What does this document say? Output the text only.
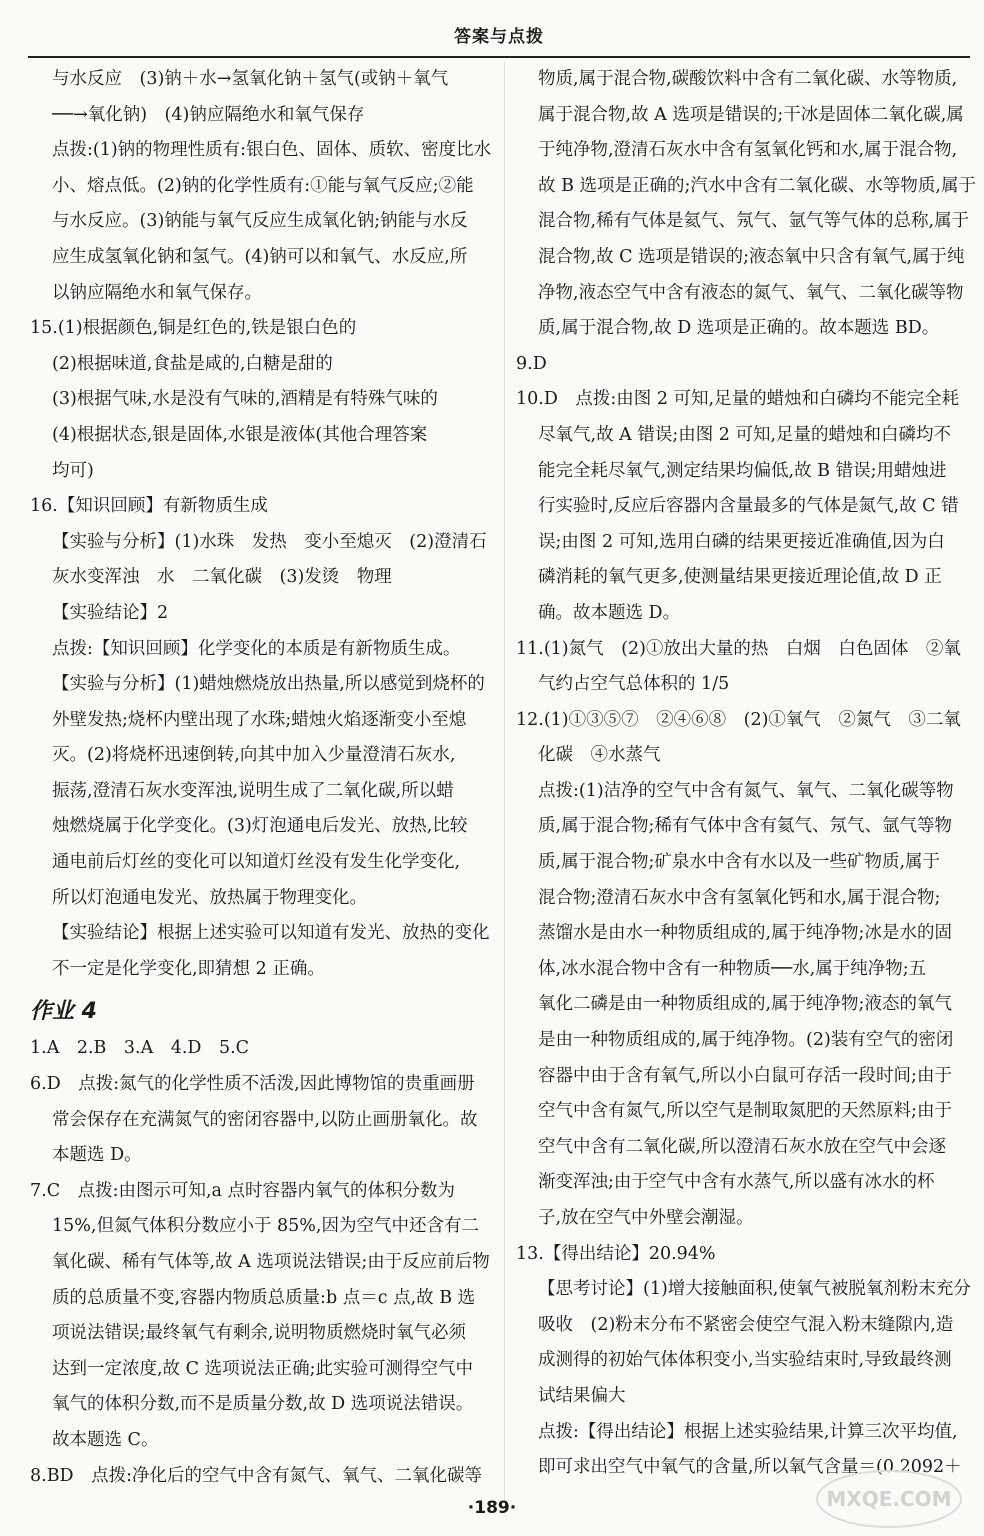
答案与点拨
与水反应　(3)钠＋水→氢氧化钠＋氢气(或钠＋氧气
──→氧化钠)　(4)钠应隔绝水和氧气保存
点拨:(1)钠的物理性质有:银白色、固体、质软、密度比水
小、熔点低。(2)钠的化学性质有:①能与氧气反应;②能
与水反应。(3)钠能与氧气反应生成氧化钠;钠能与水反
应生成氢氧化钠和氢气。(4)钠可以和氧气、水反应,所
以钠应隔绝水和氧气保存。
15.(1)根据颜色,铜是红色的,铁是银白色的
(2)根据味道,食盐是咸的,白糖是甜的
(3)根据气味,水是没有气味的,酒精是有特殊气味的
(4)根据状态,银是固体,水银是液体(其他合理答案
均可)
16.【知识回顾】有新物质生成
【实验与分析】(1)水珠　发热　变小至熄灭　(2)澄清石
灰水变浑浊　水　二氧化碳　(3)发烫　物理
【实验结论】2
点拨:【知识回顾】化学变化的本质是有新物质生成。
【实验与分析】(1)蜡烛燃烧放出热量,所以感觉到烧杯的
外壁发热;烧杯内壁出现了水珠;蜡烛火焰逐渐变小至熄
灭。(2)将烧杯迅速倒转,向其中加入少量澄清石灰水,
振荡,澄清石灰水变浑浊,说明生成了二氧化碳,所以蜡
烛燃烧属于化学变化。(3)灯泡通电后发光、放热,比较
通电前后灯丝的变化可以知道灯丝没有发生化学变化,
所以灯泡通电发光、放热属于物理变化。
【实验结论】根据上述实验可以知道有发光、放热的变化
不一定是化学变化,即猜想 2 正确。
作业 4
1.A　2.B　3.A　4.D　5.C
6.D　点拨:氮气的化学性质不活泼,因此博物馆的贵重画册
常会保存在充满氮气的密闭容器中,以防止画册氧化。故
本题选 D。
7.C　点拨:由图示可知,a 点时容器内氧气的体积分数为
15%,但氮气体积分数应小于 85%,因为空气中还含有二
氧化碳、稀有气体等,故 A 选项说法错误;由于反应前后物
质的总质量不变,容器内物质总质量:b 点＝c 点,故 B 选
项说法错误;最终氧气有剩余,说明物质燃烧时氧气必须
达到一定浓度,故 C 选项说法正确;此实验可测得空气中
氧气的体积分数,而不是质量分数,故 D 选项说法错误。
故本题选 C。
8.BD　点拨:净化后的空气中含有氮气、氧气、二氧化碳等
物质,属于混合物,碳酸饮料中含有二氧化碳、水等物质,
属于混合物,故 A 选项是错误的;干冰是固体二氧化碳,属
于纯净物,澄清石灰水中含有氢氧化钙和水,属于混合物,
故 B 选项是正确的;汽水中含有二氧化碳、水等物质,属于
混合物,稀有气体是氦气、氖气、氩气等气体的总称,属于
混合物,故 C 选项是错误的;液态氧中只含有氧气,属于纯
净物,液态空气中含有液态的氮气、氧气、二氧化碳等物
质,属于混合物,故 D 选项是正确的。故本题选 BD。
9.D
10.D　点拨:由图 2 可知,足量的蜡烛和白磷均不能完全耗
尽氧气,故 A 错误;由图 2 可知,足量的蜡烛和白磷均不
能完全耗尽氧气,测定结果均偏低,故 B 错误;用蜡烛进
行实验时,反应后容器内含量最多的气体是氮气,故 C 错
误;由图 2 可知,选用白磷的结果更接近准确值,因为白
磷消耗的氧气更多,使测量结果更接近理论值,故 D 正
确。故本题选 D。
11.(1)氮气　(2)①放出大量的热　白烟　白色固体　②氧
气约占空气总体积的 1/5
12.(1)①③⑤⑦　②④⑥⑧　(2)①氧气　②氮气　③二氧
化碳　④水蒸气
点拨:(1)洁净的空气中含有氮气、氧气、二氧化碳等物
质,属于混合物;稀有气体中含有氦气、氖气、氩气等物
质,属于混合物;矿泉水中含有水以及一些矿物质,属于
混合物;澄清石灰水中含有氢氧化钙和水,属于混合物;
蒸馏水是由水一种物质组成的,属于纯净物;冰是水的固
体,冰水混合物中含有一种物质──水,属于纯净物;五
氧化二磷是由一种物质组成的,属于纯净物;液态的氧气
是由一种物质组成的,属于纯净物。(2)装有空气的密闭
容器中由于含有氧气,所以小白鼠可存活一段时间;由于
空气中含有氮气,所以空气是制取氮肥的天然原料;由于
空气中含有二氧化碳,所以澄清石灰水放在空气中会逐
渐变浑浊;由于空气中含有水蒸气,所以盛有冰水的杯
子,放在空气中外壁会潮湿。
13.【得出结论】20.94%
【思考讨论】(1)增大接触面积,使氧气被脱氧剂粉末充分
吸收　(2)粉末分布不紧密会使空气混入粉末缝隙内,造
成测得的初始气体体积变小,当实验结束时,导致最终测
试结果偏大
点拨:【得出结论】根据上述实验结果,计算三次平均值,
即可求出空气中氧气的含量,所以氧气含量＝(0.2092＋
·189·	MXQE.COM
